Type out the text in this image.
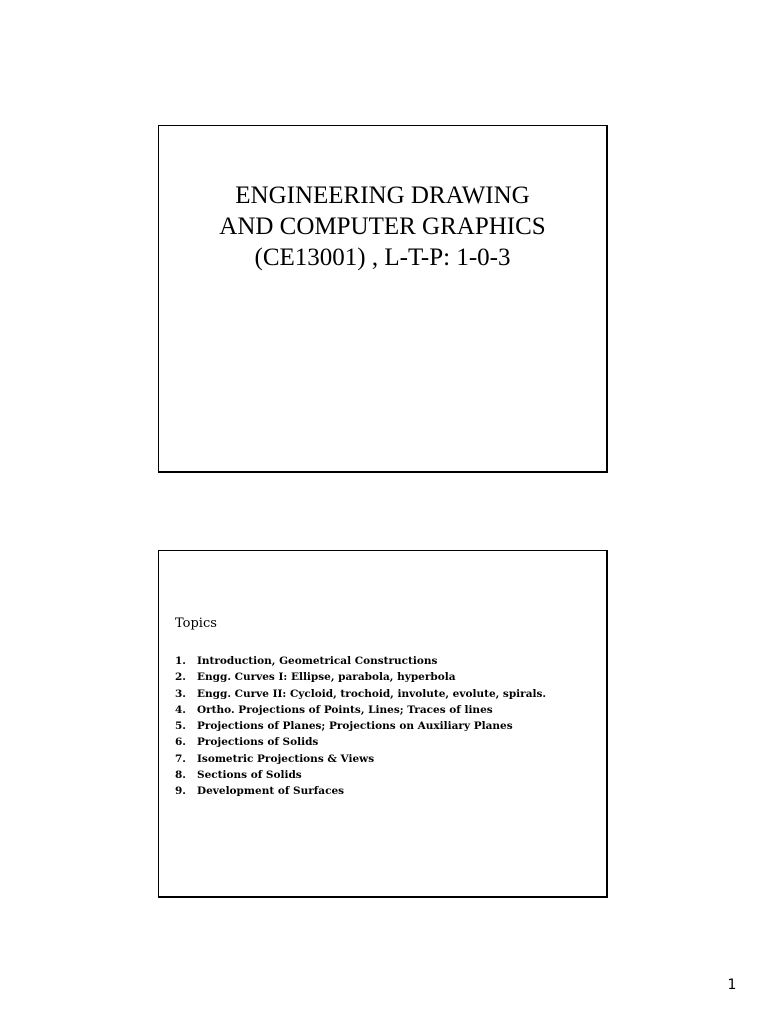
ENGINEERING DRAWING
AND COMPUTER GRAPHICS
(CE13001) , L-T-P: 1-0-3
Topics
1.	Introduction, Geometrical Constructions
2.	Engg. Curves I: Ellipse, parabola, hyperbola
3.	Engg. Curve II: Cycloid, trochoid, involute, evolute, spirals.
4.	Ortho. Projections of Points, Lines; Traces of lines
5.	Projections of Planes; Projections on Auxiliary Planes
6.	Projections of Solids
7.	Isometric Projections & Views
8.	Sections of Solids
9.	Development of Surfaces
1
